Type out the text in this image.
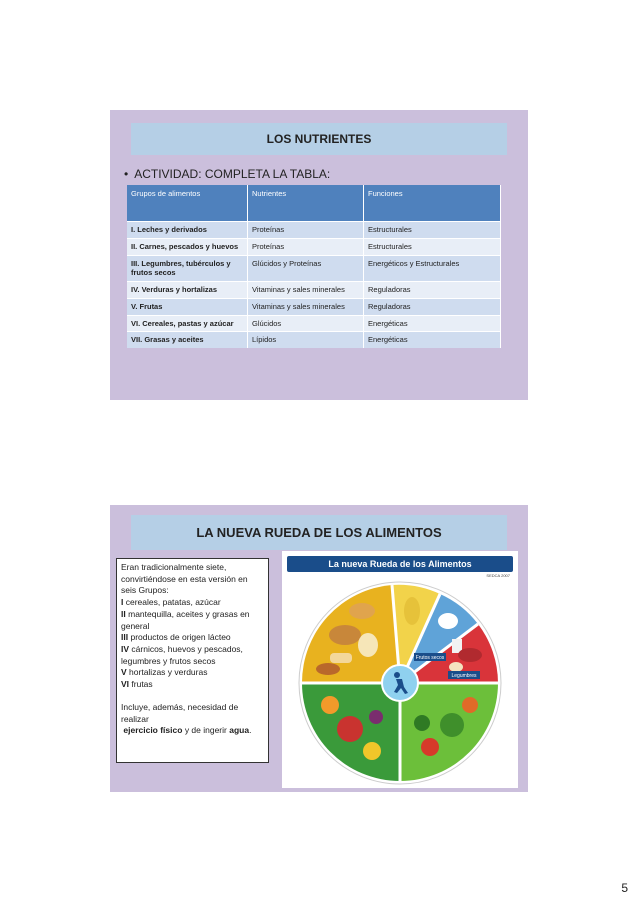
LOS NUTRIENTES
• ACTIVIDAD: COMPLETA LA TABLA:
Grupos de alimentos	Nutrientes	Funciones
I. Leches y derivados	Proteínas	Estructurales
II. Carnes, pescados y huevos	Proteínas	Estructurales
III. Legumbres, tubérculos y frutos secos	Glúcidos y Proteínas	Energéticos y Estructurales
IV. Verduras y hortalizas	Vitaminas y sales minerales	Reguladoras
V. Frutas	Vitaminas y sales minerales	Reguladoras
VI. Cereales, pastas y azúcar	Glúcidos	Energéticas
VII. Grasas y aceites	Lípidos	Energéticas
LA NUEVA RUEDA DE LOS ALIMENTOS

Eran tradicionalmente siete, convirtiéndose en esta versión en seis Grupos:

I cereales, patatas, azúcar

II mantequilla, aceites y grasas en general

III productos de origen lácteo

IV cárnicos, huevos y pescados, legumbres y frutos secos

V hortalizas y verduras

VI frutas

Incluye, además, necesidad de realizar

ejercicio físico y de ingerir agua.

La nueva Rueda de los Alimentos
SEDCA 2007
Legumbres
Frutos secos
5
